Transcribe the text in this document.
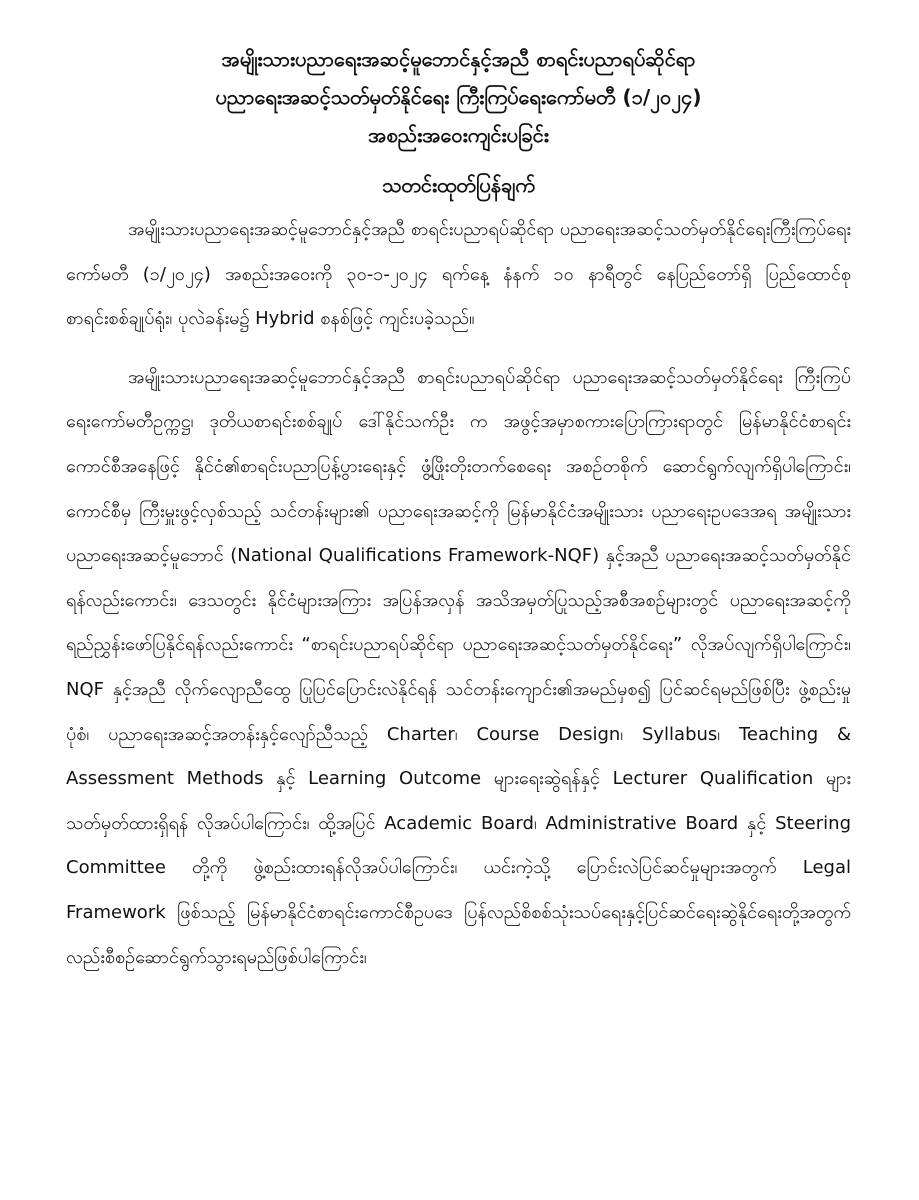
အမျိုးသားပညာရေးအဆင့်မူဘောင်နှင့်အညီ စာရင်းပညာရပ်ဆိုင်ရာ
ပညာရေးအဆင့်သတ်မှတ်နိုင်ရေး ကြီးကြပ်ရေးကော်မတီ (၁/၂၀၂၄)
အစည်းအဝေးကျင်းပခြင်း
သတင်းထုတ်ပြန်ချက်

အမျိုးသားပညာရေးအဆင့်မူဘောင်နှင့်အညီ စာရင်းပညာရပ်ဆိုင်ရာ ပညာရေးအဆင့်သတ်မှတ်နိုင်ရေးကြီးကြပ်ရေးကော်မတီ (၁/၂၀၂၄) အစည်းအဝေးကို ၃၀-၁-၂၀၂၄ ရက်နေ့ နံနက် ၁၀ နာရီတွင် နေပြည်တော်ရှိ ပြည်ထောင်စုစာရင်းစစ်ချုပ်ရုံး၊ ပုလဲခန်းမ၌ Hybrid စနစ်ဖြင့် ကျင်းပခဲ့သည်။

အမျိုးသားပညာရေးအဆင့်မူဘောင်နှင့်အညီ စာရင်းပညာရပ်ဆိုင်ရာ ပညာရေးအဆင့်သတ်မှတ်နိုင်ရေး ကြီးကြပ်ရေးကော်မတီဥက္ကဋ္ဌ၊ ဒုတိယစာရင်းစစ်ချုပ် ဒေါ်နိုင်သက်ဦး က အဖွင့်အမှာစကားပြောကြားရာတွင် မြန်မာနိုင်ငံစာရင်းကောင်စီအနေဖြင့် နိုင်ငံ၏စာရင်းပညာပြန့်ပွားရေးနှင့် ဖွံ့ဖြိုးတိုးတက်စေရေး အစဉ်တစိုက် ဆောင်ရွက်လျက်ရှိပါကြောင်း၊ ကောင်စီမှ ကြီးမှူးဖွင့်လှစ်သည့် သင်တန်းများ၏ ပညာရေးအဆင့်ကို မြန်မာနိုင်ငံအမျိုးသား ပညာရေးဥပဒေအရ အမျိုးသားပညာရေးအဆင့်မူဘောင် (National Qualifications Framework-NQF) နှင့်အညီ ပညာရေးအဆင့်သတ်မှတ်နိုင်ရန်လည်းကောင်း၊ ဒေသတွင်း နိုင်ငံများအကြား အပြန်အလှန် အသိအမှတ်ပြုသည့်အစီအစဉ်များတွင် ပညာရေးအဆင့်ကို ရည်ညွှန်းဖော်ပြနိုင်ရန်လည်းကောင်း “စာရင်းပညာရပ်ဆိုင်ရာ ပညာရေးအဆင့်သတ်မှတ်နိုင်ရေး” လိုအပ်လျက်ရှိပါကြောင်း၊ NQF နှင့်အညီ လိုက်လျောညီထွေ ပြုပြင်ပြောင်းလဲနိုင်ရန် သင်တန်းကျောင်း၏အမည်မှစ၍ ပြင်ဆင်ရမည်ဖြစ်ပြီး ဖွဲ့စည်းမှုပုံစံ၊ ပညာရေးအဆင့်အတန်းနှင့်လျော်ညီသည့် Charter၊ Course Design၊ Syllabus၊ Teaching & Assessment Methods နှင့် Learning Outcome များရေးဆွဲရန်နှင့် Lecturer Qualification များ သတ်မှတ်ထားရှိရန် လိုအပ်ပါကြောင်း၊ ထို့အပြင် Academic Board၊ Administrative Board နှင့် Steering Committee တို့ကို ဖွဲ့စည်းထားရန်လိုအပ်ပါကြောင်း၊ ယင်းကဲ့သို့ ပြောင်းလဲပြင်ဆင်မှုများအတွက် Legal Framework ဖြစ်သည့် မြန်မာနိုင်ငံစာရင်းကောင်စီဥပဒေ ပြန်လည်စိစစ်သုံးသပ်ရေးနှင့်ပြင်ဆင်ရေးဆွဲနိုင်ရေးတို့အတွက်လည်းစီစဉ်ဆောင်ရွက်သွားရမည်ဖြစ်ပါကြောင်း၊
